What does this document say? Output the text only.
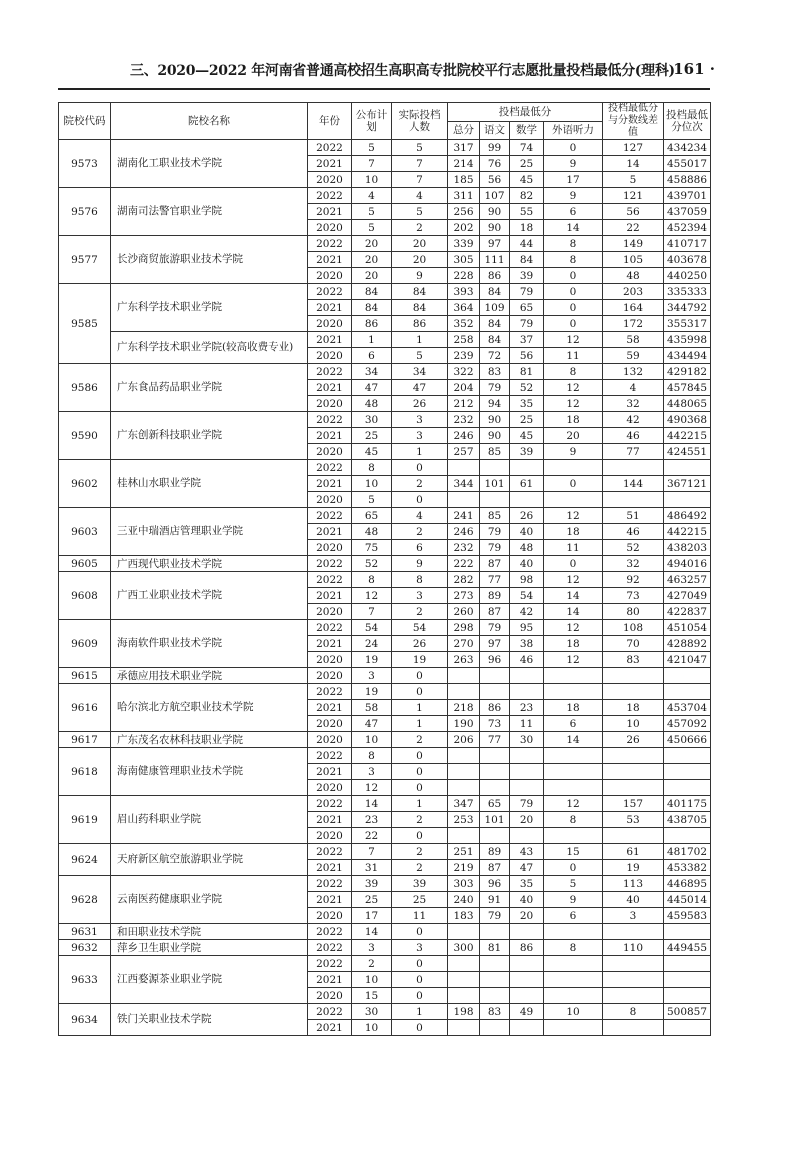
三、2020—2022 年河南省普通高校招生高职高专批院校平行志愿批量投档最低分(理科)
· 161 ·
院校代码	院校名称	年份	公布计划	实际投档人数	投档最低分				投档最低分与分数线差值	投档最低分位次
					总分	语文	数学	外语听力		
9573	湖南化工职业技术学院	2022	5	5	317	99	74	0	127	434234
		2021	7	7	214	76	25	9	14	455017
		2020	10	7	185	56	45	17	5	458886
9576	湖南司法警官职业学院	2022	4	4	311	107	82	9	121	439701
		2021	5	5	256	90	55	6	56	437059
		2020	5	2	202	90	18	14	22	452394
9577	长沙商贸旅游职业技术学院	2022	20	20	339	97	44	8	149	410717
		2021	20	20	305	111	84	8	105	403678
		2020	20	9	228	86	39	0	48	440250
9585	广东科学技术职业学院	2022	84	84	393	84	79	0	203	335333
		2021	84	84	364	109	65	0	164	344792
		2020	86	86	352	84	79	0	172	355317
	广东科学技术职业学院(较高收费专业)	2021	1	1	258	84	37	12	58	435998
		2020	6	5	239	72	56	11	59	434494
9586	广东食品药品职业学院	2022	34	34	322	83	81	8	132	429182
		2021	47	47	204	79	52	12	4	457845
		2020	48	26	212	94	35	12	32	448065
9590	广东创新科技职业学院	2022	30	3	232	90	25	18	42	490368
		2021	25	3	246	90	45	20	46	442215
		2020	45	1	257	85	39	9	77	424551
9602	桂林山水职业学院	2022	8	0						
		2021	10	2	344	101	61	0	144	367121
		2020	5	0						
9603	三亚中瑞酒店管理职业学院	2022	65	4	241	85	26	12	51	486492
		2021	48	2	246	79	40	18	46	442215
		2020	75	6	232	79	48	11	52	438203
9605	广西现代职业技术学院	2022	52	9	222	87	40	0	32	494016
9608	广西工业职业技术学院	2022	8	8	282	77	98	12	92	463257
		2021	12	3	273	89	54	14	73	427049
		2020	7	2	260	87	42	14	80	422837
9609	海南软件职业技术学院	2022	54	54	298	79	95	12	108	451054
		2021	24	26	270	97	38	18	70	428892
		2020	19	19	263	96	46	12	83	421047
9615	承德应用技术职业学院	2020	3	0						
9616	哈尔滨北方航空职业技术学院	2022	19	0						
		2021	58	1	218	86	23	18	18	453704
		2020	47	1	190	73	11	6	10	457092
9617	广东茂名农林科技职业学院	2020	10	2	206	77	30	14	26	450666
9618	海南健康管理职业技术学院	2022	8	0						
		2021	3	0						
		2020	12	0						
9619	眉山药科职业学院	2022	14	1	347	65	79	12	157	401175
		2021	23	2	253	101	20	8	53	438705
		2020	22	0						
9624	天府新区航空旅游职业学院	2022	7	2	251	89	43	15	61	481702
		2021	31	2	219	87	47	0	19	453382
9628	云南医药健康职业学院	2022	39	39	303	96	35	5	113	446895
		2021	25	25	240	91	40	9	40	445014
		2020	17	11	183	79	20	6	3	459583
9631	和田职业技术学院	2022	14	0						
9632	萍乡卫生职业学院	2022	3	3	300	81	86	8	110	449455
9633	江西婺源茶业职业学院	2022	2	0						
		2021	10	0						
		2020	15	0						
9634	铁门关职业技术学院	2022	30	1	198	83	49	10	8	500857
		2021	10	0						
